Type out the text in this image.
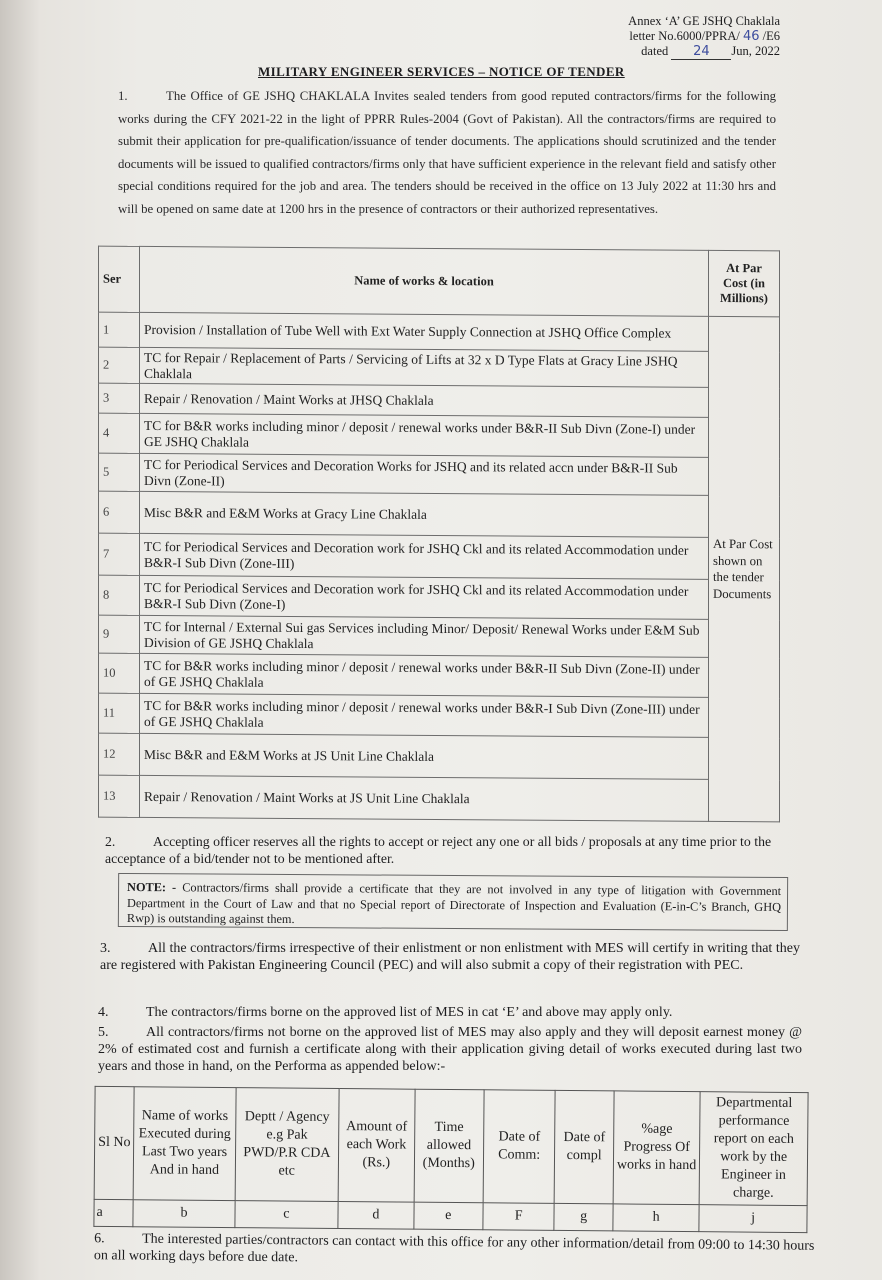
Annex ‘A’ GE JSHQ Chaklala
letter No.6000/PPRA/ 46 /E6
dated 24 Jun, 2022
MILITARY ENGINEER SERVICES – NOTICE OF TENDER
1.	The Office of GE JSHQ CHAKLALA Invites sealed tenders from good reputed contractors/firms for the following works during the CFY 2021-22 in the light of PPRR Rules-2004 (Govt of Pakistan). All the contractors/firms are required to submit their application for pre-qualification/issuance of tender documents. The applications should scrutinized and the tender documents will be issued to qualified contractors/firms only that have sufficient experience in the relevant field and satisfy other special conditions required for the job and area. The tenders should be received in the office on 13 July 2022 at 11:30 hrs and will be opened on same date at 1200 hrs in the presence of contractors or their authorized representatives.
Ser	Name of works & location	At Par Cost (in Millions)
1	Provision / Installation of Tube Well with Ext Water Supply Connection at JSHQ Office Complex	At Par Cost shown on the tender Documents
2	TC for Repair / Replacement of Parts / Servicing of Lifts at 32 x D Type Flats at Gracy Line JSHQ Chaklala	
3	Repair / Renovation / Maint Works at JHSQ Chaklala	
4	TC for B&R works including minor / deposit / renewal works under B&R-II Sub Divn (Zone-I) under GE JSHQ Chaklala	
5	TC for Periodical Services and Decoration Works for JSHQ and its related accn under B&R-II Sub Divn (Zone-II)	
6	Misc B&R and E&M Works at Gracy Line Chaklala	
7	TC for Periodical Services and Decoration work for JSHQ Ckl and its related Accommodation under B&R-I Sub Divn (Zone-III)	
8	TC for Periodical Services and Decoration work for JSHQ Ckl and its related Accommodation under B&R-I Sub Divn (Zone-I)	
9	TC for Internal / External Sui gas Services including Minor/ Deposit/ Renewal Works under E&M Sub Division of GE JSHQ Chaklala	
10	TC for B&R works including minor / deposit / renewal works under B&R-II Sub Divn (Zone-II) under of GE JSHQ Chaklala	
11	TC for B&R works including minor / deposit / renewal works under B&R-I Sub Divn (Zone-III) under of GE JSHQ Chaklala	
12	Misc B&R and E&M Works at JS Unit Line Chaklala	
13	Repair / Renovation / Maint Works at JS Unit Line Chaklala	
2.	Accepting officer reserves all the rights to accept or reject any one or all bids / proposals at any time prior to the acceptance of a bid/tender not to be mentioned after.
NOTE: - Contractors/firms shall provide a certificate that they are not involved in any type of litigation with Government Department in the Court of Law and that no Special report of Directorate of Inspection and Evaluation (E-in-C’s Branch, GHQ Rwp) is outstanding against them.
3.	All the contractors/firms irrespective of their enlistment or non enlistment with MES will certify in writing that they are registered with Pakistan Engineering Council (PEC) and will also submit a copy of their registration with PEC.
4.	The contractors/firms borne on the approved list of MES in cat ‘E’ and above may apply only.
5.	All contractors/firms not borne on the approved list of MES may also apply and they will deposit earnest money @ 2% of estimated cost and furnish a certificate along with their application giving detail of works executed during last two years and those in hand, on the Performa as appended below:-
Sl No	Name of works Executed during Last Two years And in hand	Deptt / Agency e.g Pak PWD/P.R CDA etc	Amount of each Work (Rs.)	Time allowed (Months)	Date of Comm:	Date of compl	%age Progress Of works in hand	Departmental performance report on each work by the Engineer in charge.
a	b	c	d	e	F	g	h	j
6.	The interested parties/contractors can contact with this office for any other information/detail from 09:00 to 14:30 hours on all working days before due date.
